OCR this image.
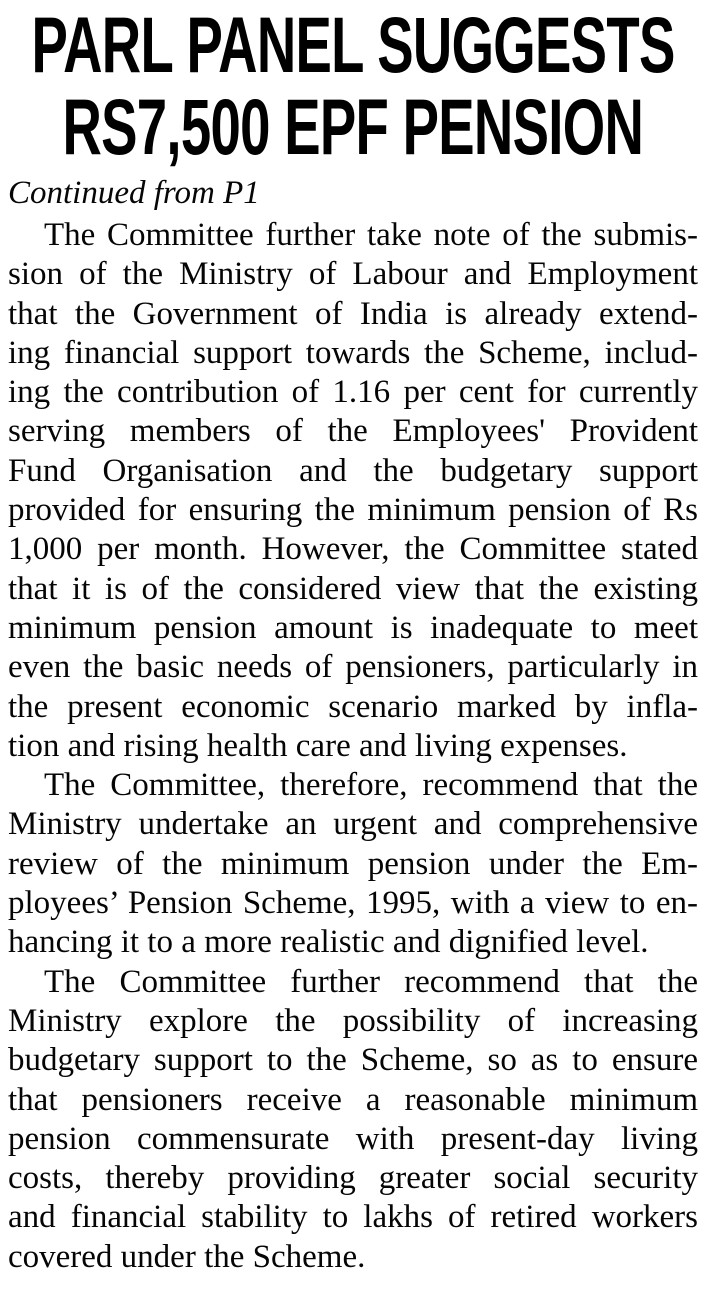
PARL PANEL SUGGESTS
RS7,500 EPF PENSION
Continued from P1
The Committee further take note of the submis-
sion of the Ministry of Labour and Employment
that the Government of India is already extend-
ing financial support towards the Scheme, includ-
ing the contribution of 1.16 per cent for currently
serving members of the Employees' Provident
Fund Organisation and the budgetary support
provided for ensuring the minimum pension of Rs
1,000 per month. However, the Committee stated
that it is of the considered view that the existing
minimum pension amount is inadequate to meet
even the basic needs of pensioners, particularly in
the present economic scenario marked by infla-
tion and rising health care and living expenses.
The Committee, therefore, recommend that the
Ministry undertake an urgent and comprehensive
review of the minimum pension under the Em-
ployees’ Pension Scheme, 1995, with a view to en-
hancing it to a more realistic and dignified level.
The Committee further recommend that the
Ministry explore the possibility of increasing
budgetary support to the Scheme, so as to ensure
that pensioners receive a reasonable minimum
pension commensurate with present-day living
costs, thereby providing greater social security
and financial stability to lakhs of retired workers
covered under the Scheme.
